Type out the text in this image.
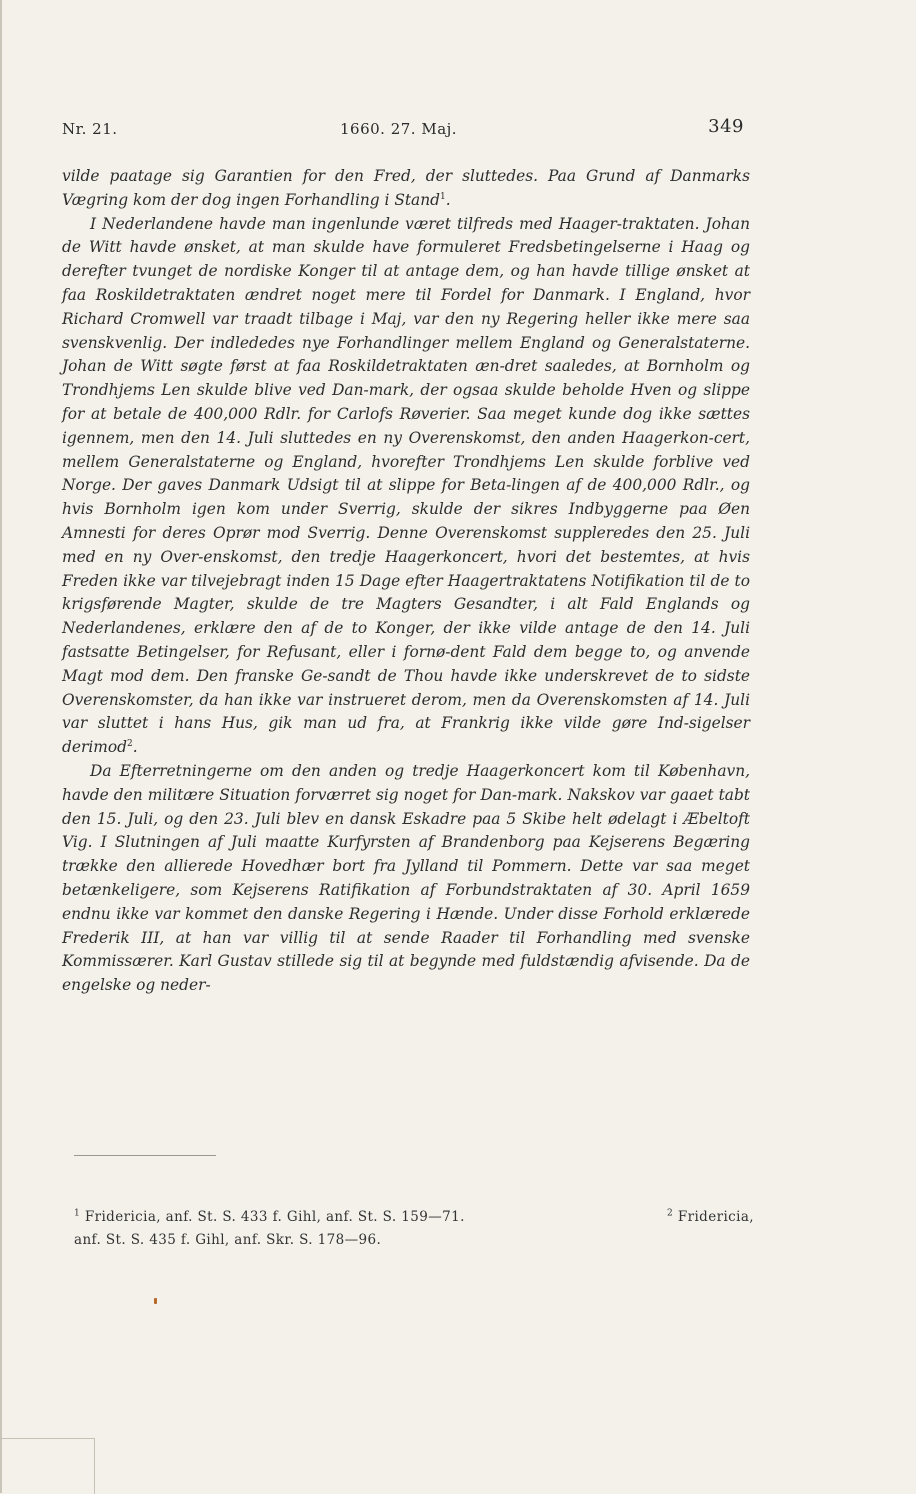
Nr. 21.	1660. 27. Maj.	349

vilde paatage sig Garantien for den Fred, der sluttedes. Paa Grund af Danmarks Vægring kom der dog ingen Forhandling i Stand$^1$.

I Nederlandene havde man ingenlunde været tilfreds med Haager-traktaten. Johan de Witt havde ønsket, at man skulde have formuleret Fredsbetingelserne i Haag og derefter tvunget de nordiske Konger til at antage dem, og han havde tillige ønsket at faa Roskildetraktaten ændret noget mere til Fordel for Danmark. I England, hvor Richard Cromwell var traadt tilbage i Maj, var den ny Regering heller ikke mere saa svenskvenlig. Der indlededes nye Forhandlinger mellem England og Generalstaterne. Johan de Witt søgte først at faa Roskildetraktaten æn-dret saaledes, at Bornholm og Trondhjems Len skulde blive ved Dan-mark, der ogsaa skulde beholde Hven og slippe for at betale de 400,000 Rdlr. for Carlofs Røverier. Saa meget kunde dog ikke sættes igennem, men den 14. Juli sluttedes en ny Overenskomst, den anden Haagerkon-cert, mellem Generalstaterne og England, hvorefter Trondhjems Len skulde forblive ved Norge. Der gaves Danmark Udsigt til at slippe for Beta-lingen af de 400,000 Rdlr., og hvis Bornholm igen kom under Sverrig, skulde der sikres Indbyggerne paa Øen Amnesti for deres Oprør mod Sverrig. Denne Overenskomst suppleredes den 25. Juli med en ny Over-enskomst, den tredje Haagerkoncert, hvori det bestemtes, at hvis Freden ikke var tilvejebragt inden 15 Dage efter Haagertraktatens Notifikation til de to krigsførende Magter, skulde de tre Magters Gesandter, i alt Fald Englands og Nederlandenes, erklære den af de to Konger, der ikke vilde antage de den 14. Juli fastsatte Betingelser, for Refusant, eller i fornø-dent Fald dem begge to, og anvende Magt mod dem. Den franske Ge-sandt de Thou havde ikke underskrevet de to sidste Overenskomster, da han ikke var instrueret derom, men da Overenskomsten af 14. Juli var sluttet i hans Hus, gik man ud fra, at Frankrig ikke vilde gøre Ind-sigelser derimod$^2$.

Da Efterretningerne om den anden og tredje Haagerkoncert kom til København, havde den militære Situation forværret sig noget for Dan-mark. Nakskov var gaaet tabt den 15. Juli, og den 23. Juli blev en dansk Eskadre paa 5 Skibe helt ødelagt i Æbeltoft Vig. I Slutningen af Juli maatte Kurfyrsten af Brandenborg paa Kejserens Begæring trække den allierede Hovedhær bort fra Jylland til Pommern. Dette var saa meget betænkeligere, som Kejserens Ratifikation af Forbundstraktaten af 30. April 1659 endnu ikke var kommet den danske Regering i Hænde. Under disse Forhold erklærede Frederik III, at han var villig til at sende Raader til Forhandling med svenske Kommissærer. Karl Gustav stillede sig til at begynde med fuldstændig afvisende. Da de engelske og neder-

$^2$ Fridericia,
$^1$ Fridericia, anf. St. S. 433 f. Gihl, anf. St. S. 159—71.
anf. St. S. 435 f. Gihl, anf. Skr. S. 178—96.
